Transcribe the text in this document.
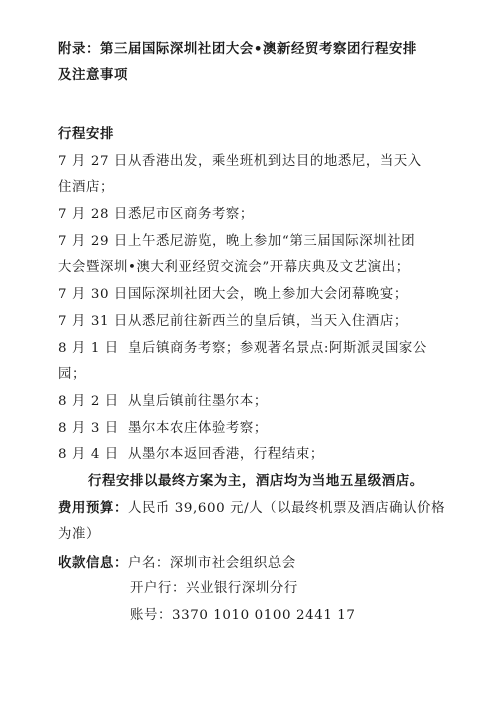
附录：第三届国际深圳社团大会•澳新经贸考察团行程安排
及注意事项
行程安排
7 月 27 日从香港出发，乘坐班机到达目的地悉尼，当天入
住酒店；
7 月 28 日悉尼市区商务考察；
7 月 29 日上午悉尼游览，晚上参加“第三届国际深圳社团
大会暨深圳•澳大利亚经贸交流会”开幕庆典及文艺演出；
7 月 30 日国际深圳社团大会，晚上参加大会闭幕晚宴；
7 月 31 日从悉尼前往新西兰的皇后镇，当天入住酒店；
8 月 1 日 皇后镇商务考察；参观著名景点:阿斯派灵国家公
园；
8 月 2 日 从皇后镇前往墨尔本；
8 月 3 日 墨尔本农庄体验考察；
8 月 4 日 从墨尔本返回香港，行程结束；
行程安排以最终方案为主，酒店均为当地五星级酒店。
费用预算：人民币 39,600 元/人（以最终机票及酒店确认价格
为准）
收款信息：户名：深圳市社会组织总会
开户行：兴业银行深圳分行
账号：3370 1010 0100 2441 17
